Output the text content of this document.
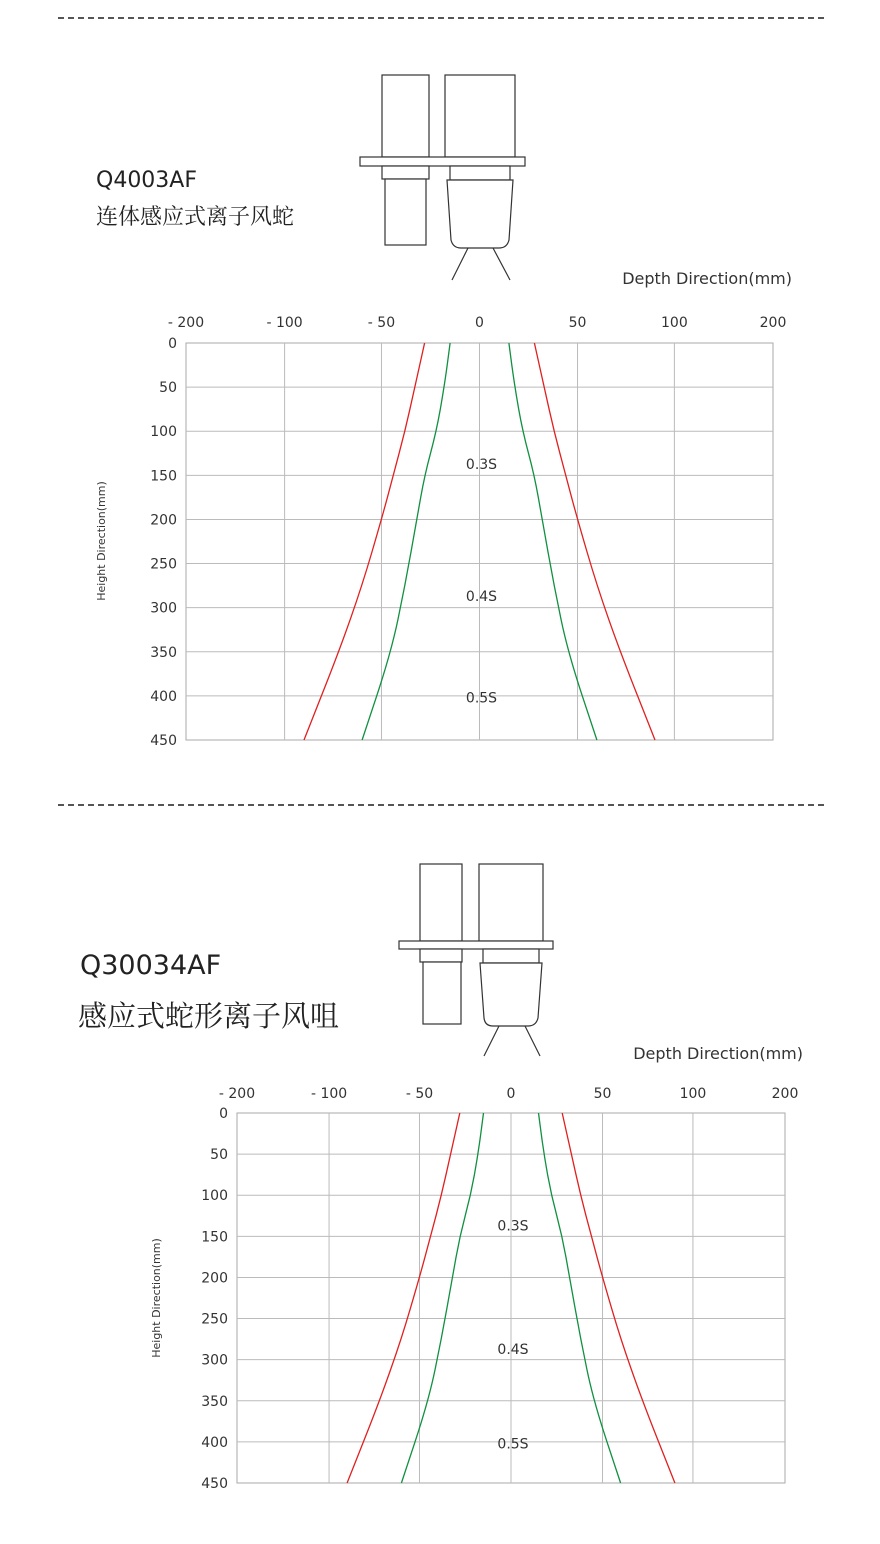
Q4003AF
连体感应式离子风蛇
- 200	- 100	- 50	0	50	100	200
0
50
100
150
200
250
300
350
400
450
Depth Direction(mm)
Height Direction(mm)
0.3S
0.4S
0.5S
Q30034AF
感应式蛇形离子风咀
- 200	- 100	- 50	0	50	100	200
0
50
100
150
200
250
300
350
400
450
Depth Direction(mm)
Height Direction(mm)
0.3S
0.4S
0.5S
